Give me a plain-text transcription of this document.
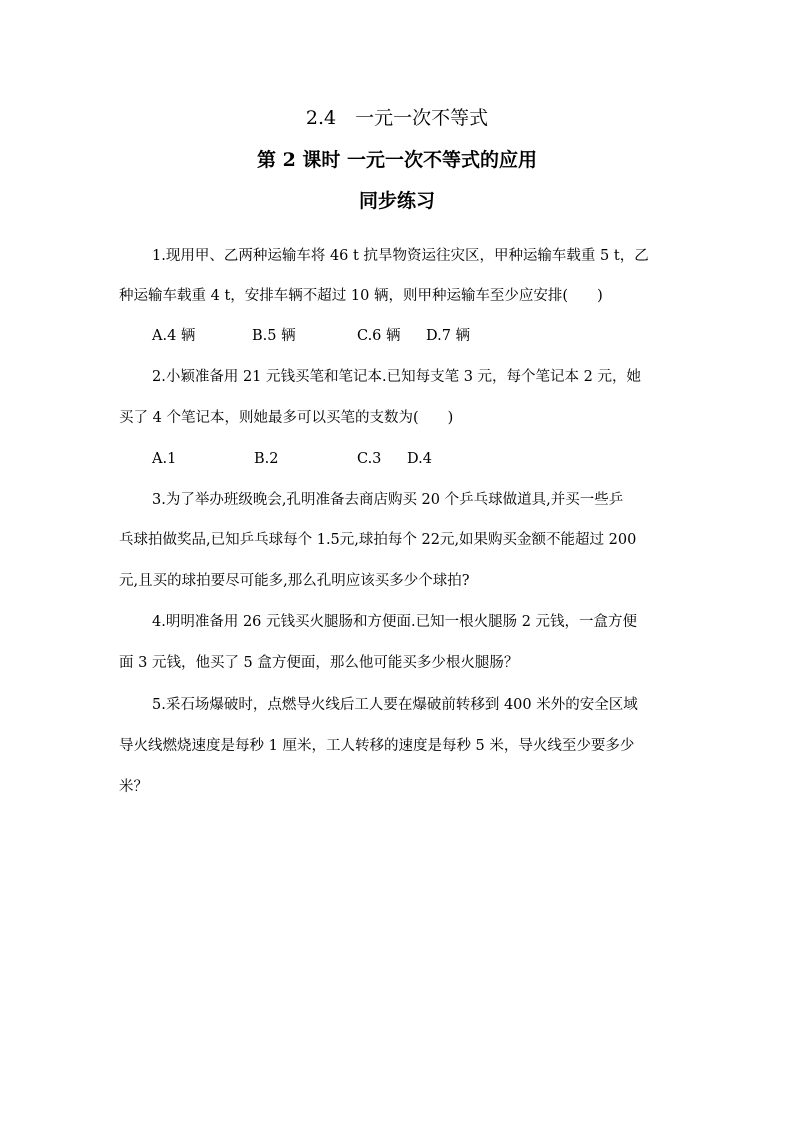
2.4　一元一次不等式
第 2 课时 一元一次不等式的应用
同步练习
1.现用甲、乙两种运输车将 46 t 抗旱物资运往灾区，甲种运输车载重 5 t，乙
种运输车载重 4 t，安排车辆不超过 10 辆，则甲种运输车至少应安排(　　)
A.4 辆	B.5 辆	C.6 辆 D.7 辆
2.小颖准备用 21 元钱买笔和笔记本.已知每支笔 3 元，每个笔记本 2 元，她
买了 4 个笔记本，则她最多可以买笔的支数为(　　)
A.1	B.2	C.3 D.4
3.为了举办班级晚会,孔明准备去商店购买 20 个乒乓球做道具,并买一些乒
乓球拍做奖品,已知乒乓球每个 1.5元,球拍每个 22元,如果购买金额不能超过 200
元,且买的球拍要尽可能多,那么孔明应该买多少个球拍?
4.明明准备用 26 元钱买火腿肠和方便面.已知一根火腿肠 2 元钱，一盒方便
面 3 元钱，他买了 5 盒方便面，那么他可能买多少根火腿肠？
5.采石场爆破时，点燃导火线后工人要在爆破前转移到 400 米外的安全区域
导火线燃烧速度是每秒 1 厘米，工人转移的速度是每秒 5 米，导火线至少要多少
米？
